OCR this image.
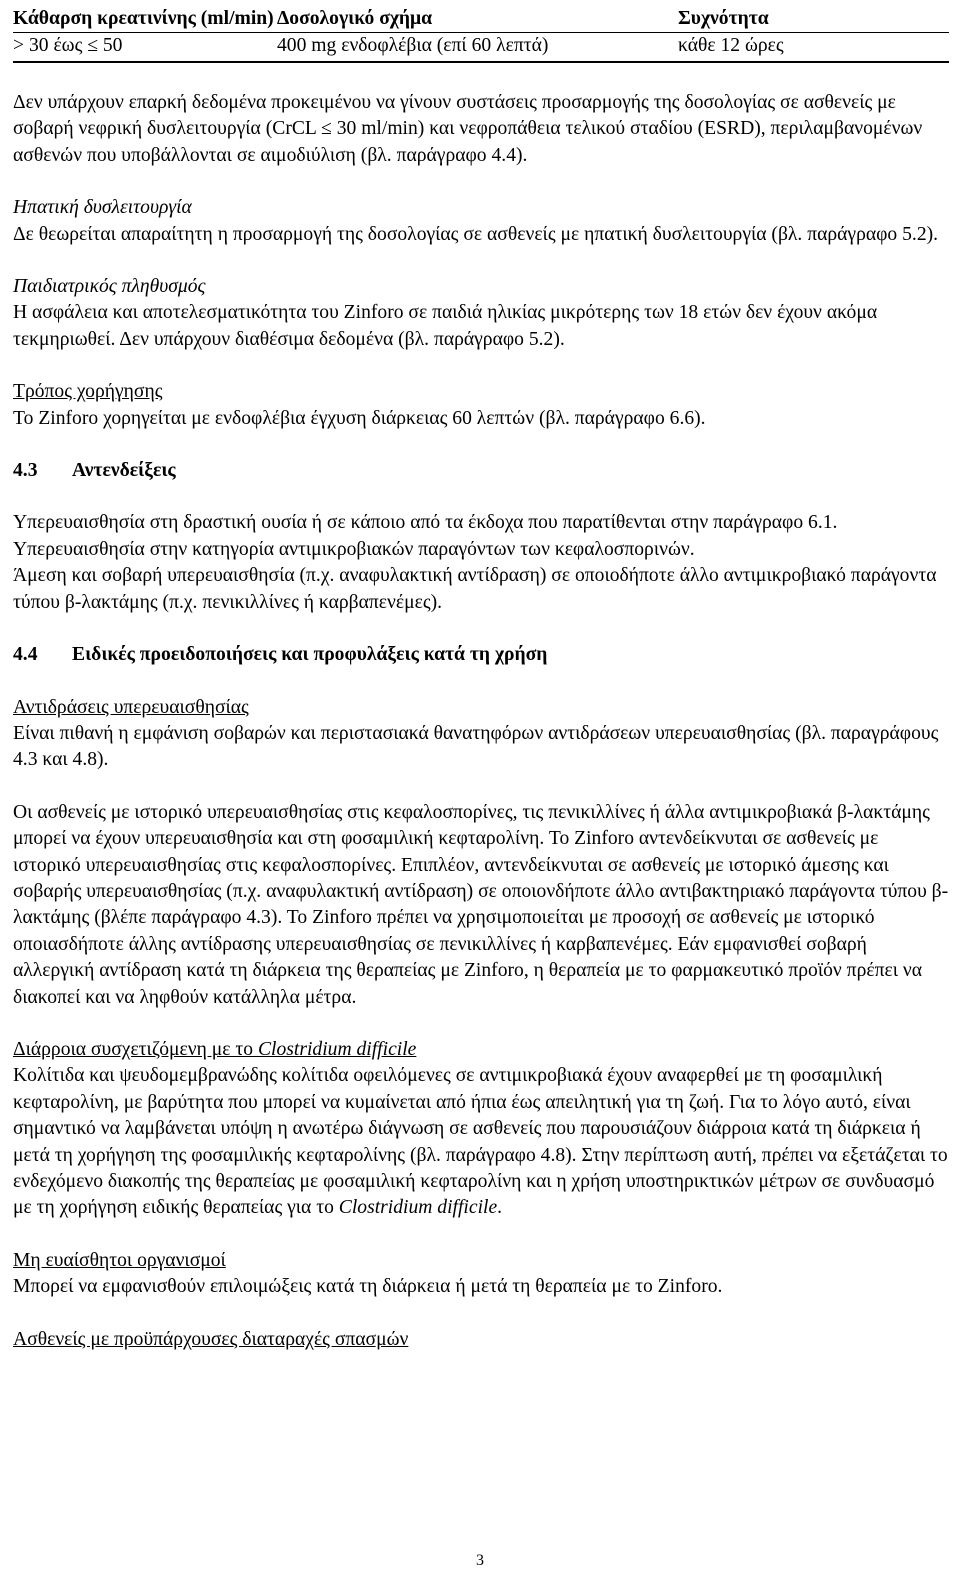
Κάθαρση κρεατινίνης (ml/min)	Δοσολογικό σχήμα	Συχνότητα
> 30 έως ≤ 50	400 mg ενδοφλέβια (επί 60 λεπτά)	κάθε 12 ώρες

Δεν υπάρχουν επαρκή δεδομένα προκειμένου να γίνουν συστάσεις προσαρμογής της δοσολογίας σε ασθενείς με σοβαρή νεφρική δυσλειτουργία (CrCL ≤ 30 ml/min) και νεφροπάθεια τελικού σταδίου (ESRD), περιλαμβανομένων ασθενών που υποβάλλονται σε αιμοδιύλιση (βλ. παράγραφο 4.4).

Ηπατική δυσλειτουργία

Δε θεωρείται απαραίτητη η προσαρμογή της δοσολογίας σε ασθενείς με ηπατική δυσλειτουργία (βλ. παράγραφο 5.2).

Παιδιατρικός πληθυσμός

Η ασφάλεια και αποτελεσματικότητα του Zinforo σε παιδιά ηλικίας μικρότερης των 18 ετών δεν έχουν ακόμα τεκμηριωθεί. Δεν υπάρχουν διαθέσιμα δεδομένα (βλ. παράγραφο 5.2).

Τρόπος χορήγησης

Το Zinforo χορηγείται με ενδοφλέβια έγχυση διάρκειας 60 λεπτών (βλ. παράγραφο 6.6).

4.3	Αντενδείξεις

Υπερευαισθησία στη δραστική ουσία ή σε κάποιο από τα έκδοχα που παρατίθενται στην παράγραφο 6.1.

Υπερευαισθησία στην κατηγορία αντιμικροβιακών παραγόντων των κεφαλοσπορινών.

Άμεση και σοβαρή υπερευαισθησία (π.χ. αναφυλακτική αντίδραση) σε οποιοδήποτε άλλο αντιμικροβιακό παράγοντα τύπου β-λακτάμης (π.χ. πενικιλλίνες ή καρβαπενέμες).

4.4	Ειδικές προειδοποιήσεις και προφυλάξεις κατά τη χρήση

Αντιδράσεις υπερευαισθησίας

Είναι πιθανή η εμφάνιση σοβαρών και περιστασιακά θανατηφόρων αντιδράσεων υπερευαισθησίας (βλ. παραγράφους 4.3 και 4.8).

Οι ασθενείς με ιστορικό υπερευαισθησίας στις κεφαλοσπορίνες, τις πενικιλλίνες ή άλλα αντιμικροβιακά β-λακτάμης μπορεί να έχουν υπερευαισθησία και στη φοσαμιλική κεφταρολίνη. Το Zinforo αντενδείκνυται σε ασθενείς με ιστορικό υπερευαισθησίας στις κεφαλοσπορίνες. Επιπλέον, αντενδείκνυται σε ασθενείς με ιστορικό άμεσης και σοβαρής υπερευαισθησίας (π.χ. αναφυλακτική αντίδραση) σε οποιονδήποτε άλλο αντιβακτηριακό παράγοντα τύπου β-λακτάμης (βλέπε παράγραφο 4.3). Το Zinforo πρέπει να χρησιμοποιείται με προσοχή σε ασθενείς με ιστορικό οποιασδήποτε άλλης αντίδρασης υπερευαισθησίας σε πενικιλλίνες ή καρβαπενέμες. Εάν εμφανισθεί σοβαρή αλλεργική αντίδραση κατά τη διάρκεια της θεραπείας με Zinforo, η θεραπεία με το φαρμακευτικό προϊόν πρέπει να διακοπεί και να ληφθούν κατάλληλα μέτρα.

Διάρροια συσχετιζόμενη με το Clostridium difficile

Κολίτιδα και ψευδομεμβρανώδης κολίτιδα οφειλόμενες σε αντιμικροβιακά έχουν αναφερθεί με τη φοσαμιλική κεφταρολίνη, με βαρύτητα που μπορεί να κυμαίνεται από ήπια έως απειλητική για τη ζωή. Για το λόγο αυτό, είναι σημαντικό να λαμβάνεται υπόψη η ανωτέρω διάγνωση σε ασθενείς που παρουσιάζουν διάρροια κατά τη διάρκεια ή μετά τη χορήγηση της φοσαμιλικής κεφταρολίνης (βλ. παράγραφο 4.8). Στην περίπτωση αυτή, πρέπει να εξετάζεται το ενδεχόμενο διακοπής της θεραπείας με φοσαμιλική κεφταρολίνη και η χρήση υποστηρικτικών μέτρων σε συνδυασμό με τη χορήγηση ειδικής θεραπείας για το Clostridium difficile.

Μη ευαίσθητοι οργανισμοί

Μπορεί να εμφανισθούν επιλοιμώξεις κατά τη διάρκεια ή μετά τη θεραπεία με το Zinforo.

Ασθενείς με προϋπάρχουσες διαταραχές σπασμών

3
